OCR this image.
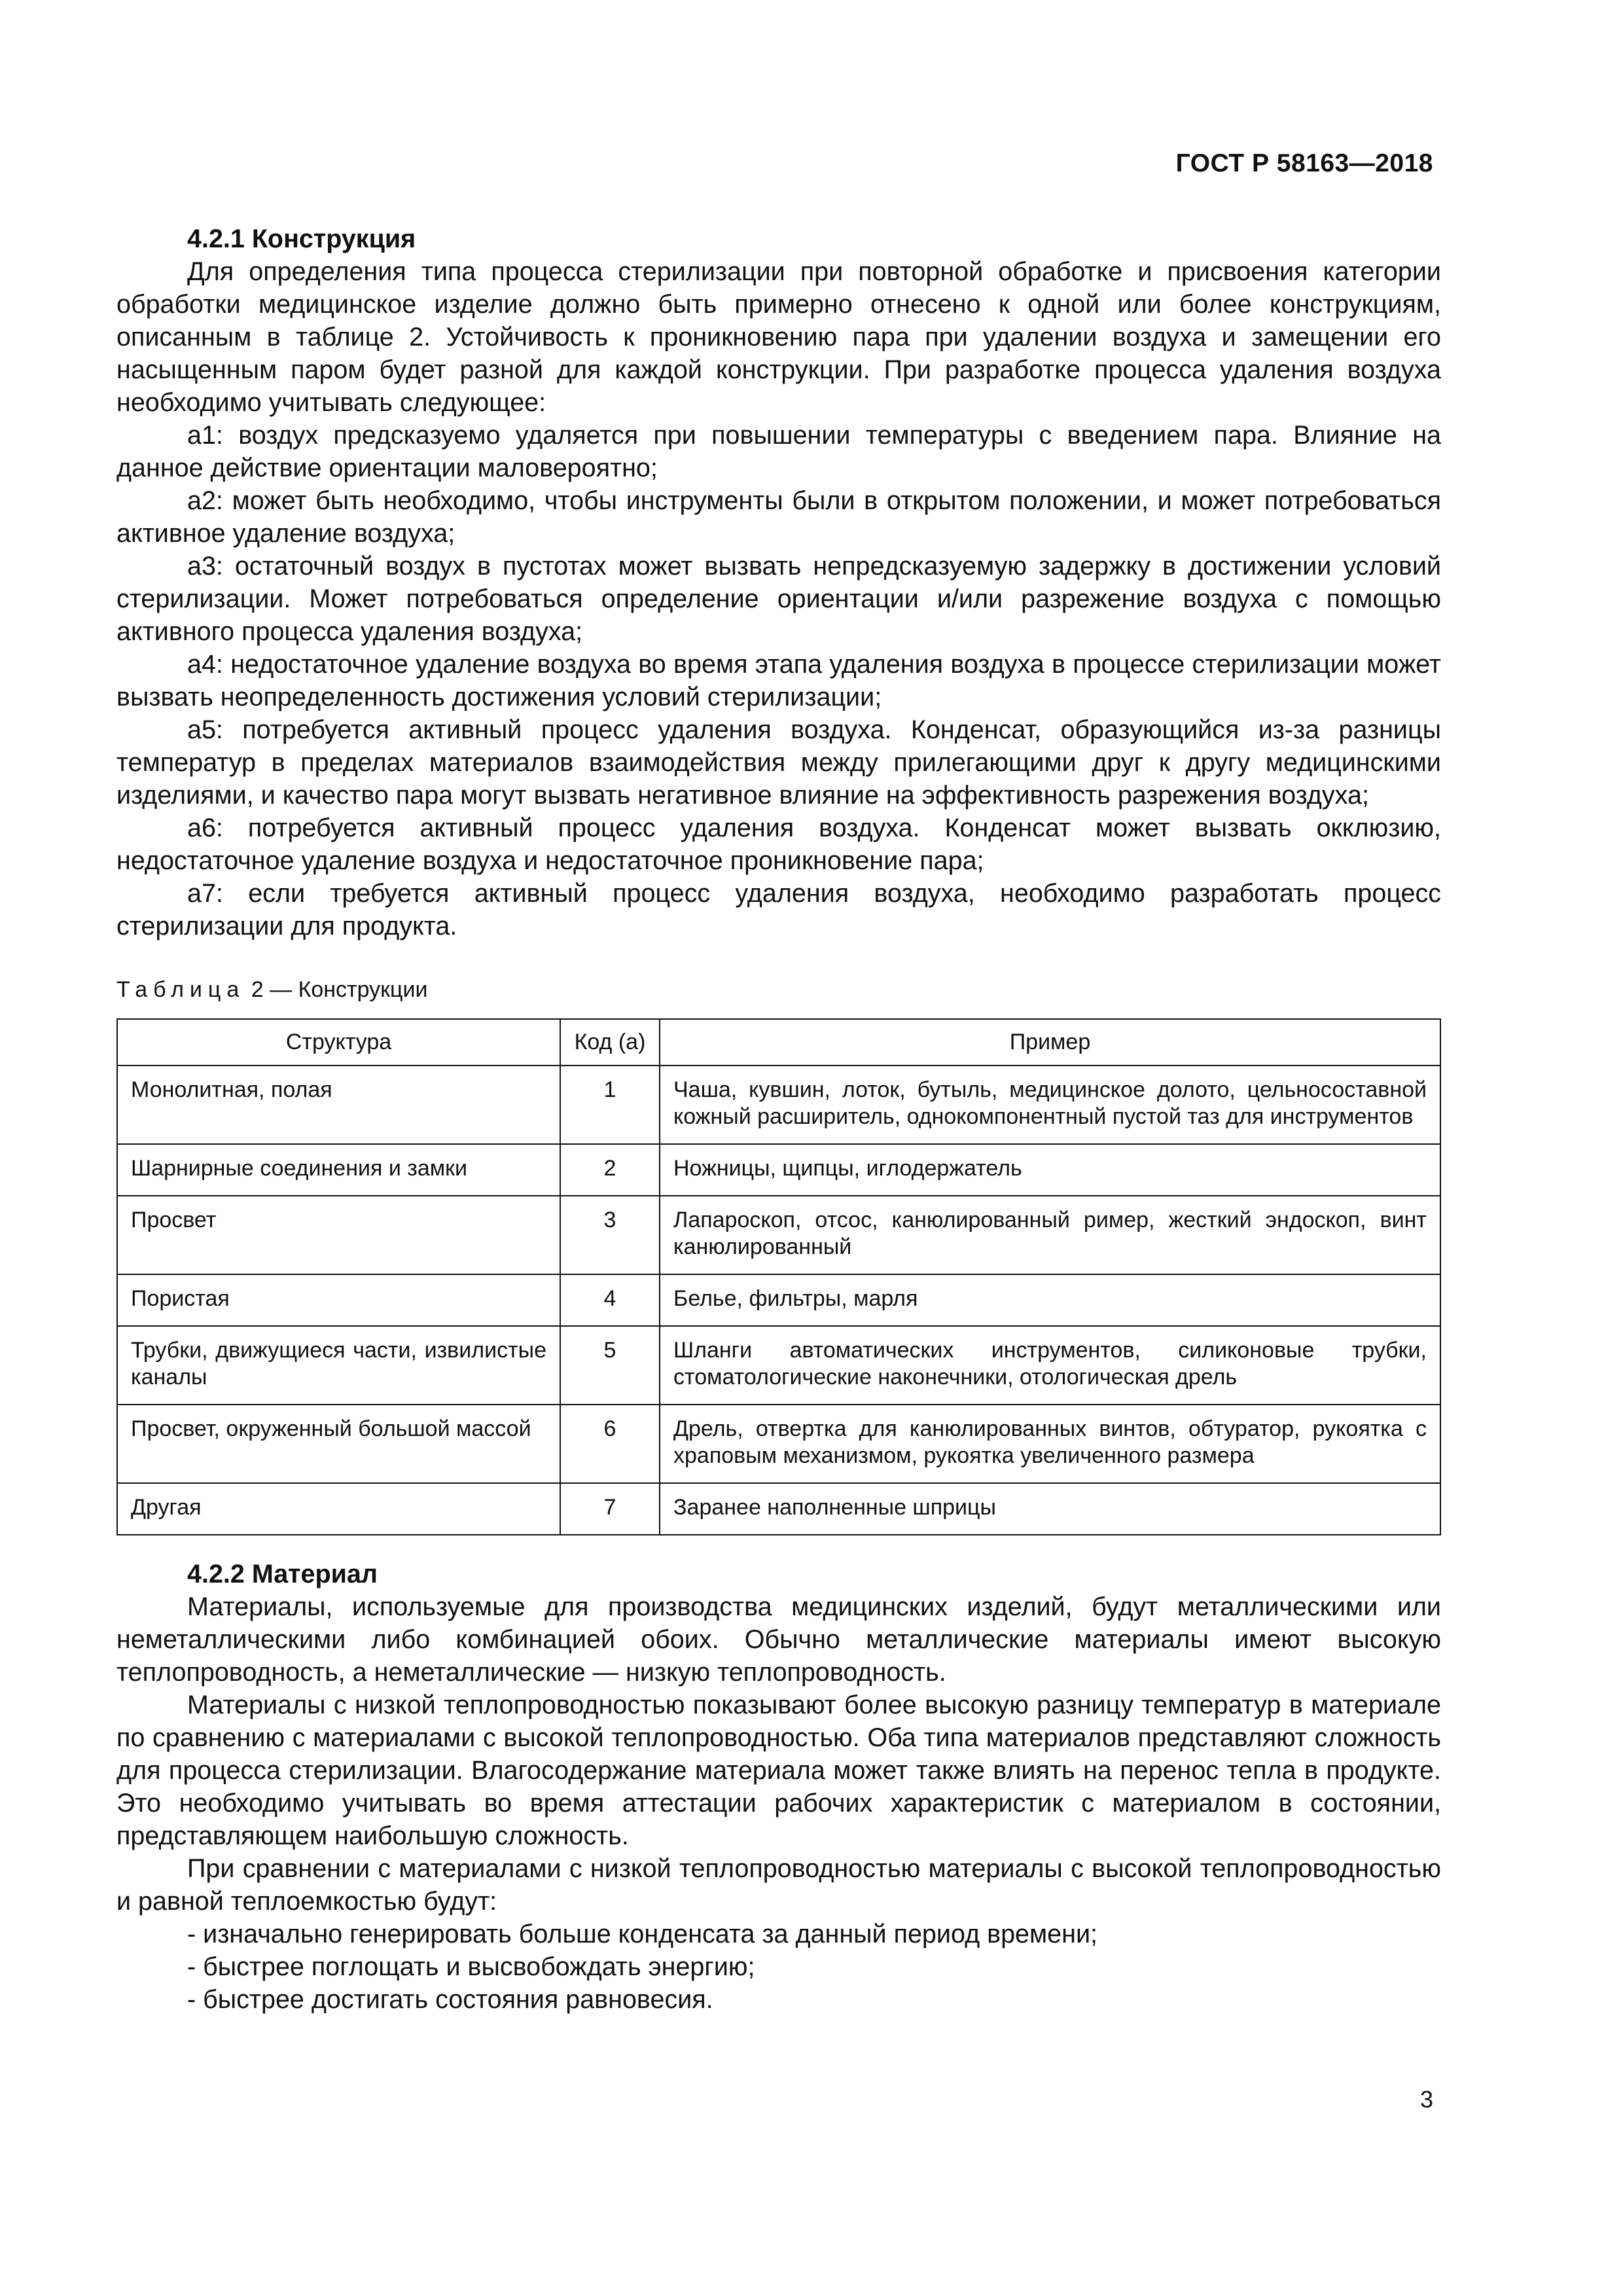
ГОСТ Р 58163—2018

4.2.1 Конструкция

Для определения типа процесса стерилизации при повторной обработке и присвоения категории обработки медицинское изделие должно быть примерно отнесено к одной или более конструкциям, описанным в таблице 2. Устойчивость к проникновению пара при удалении воздуха и замещении его насыщенным паром будет разной для каждой конструкции. При разработке процесса удаления воздуха необходимо учитывать следующее:

а1: воздух предсказуемо удаляется при повышении температуры с введением пара. Влияние на данное действие ориентации маловероятно;

а2: может быть необходимо, чтобы инструменты были в открытом положении, и может потребоваться активное удаление воздуха;

а3: остаточный воздух в пустотах может вызвать непредсказуемую задержку в достижении условий стерилизации. Может потребоваться определение ориентации и/или разрежение воздуха с помощью активного процесса удаления воздуха;

а4: недостаточное удаление воздуха во время этапа удаления воздуха в процессе стерилизации может вызвать неопределенность достижения условий стерилизации;

а5: потребуется активный процесс удаления воздуха. Конденсат, образующийся из-за разницы температур в пределах материалов взаимодействия между прилегающими друг к другу медицинскими изделиями, и качество пара могут вызвать негативное влияние на эффективность разрежения воздуха;

а6: потребуется активный процесс удаления воздуха. Конденсат может вызвать окклюзию, недостаточное удаление воздуха и недостаточное проникновение пара;

а7: если требуется активный процесс удаления воздуха, необходимо разработать процесс стерилизации для продукта.

Таблица 2 — Конструкции
Структура	Код (а)	Пример
Монолитная, полая	1	Чаша, кувшин, лоток, бутыль, медицинское долото, цельносоставной кожный расширитель, однокомпонентный пустой таз для инструментов
Шарнирные соединения и замки	2	Ножницы, щипцы, иглодержатель
Просвет	3	Лапароскоп, отсос, канюлированный ример, жесткий эндоскоп, винт канюлированный
Пористая	4	Белье, фильтры, марля
Трубки, движущиеся части, извилистые каналы	5	Шланги автоматических инструментов, силиконовые трубки, стоматологические наконечники, отологическая дрель
Просвет, окруженный большой массой	6	Дрель, отвертка для канюлированных винтов, обтуратор, рукоятка с храповым механизмом, рукоятка увеличенного размера
Другая	7	Заранее наполненные шприцы

4.2.2 Материал

Материалы, используемые для производства медицинских изделий, будут металлическими или неметаллическими либо комбинацией обоих. Обычно металлические материалы имеют высокую теплопроводность, а неметаллические — низкую теплопроводность.

Материалы с низкой теплопроводностью показывают более высокую разницу температур в материале по сравнению с материалами с высокой теплопроводностью. Оба типа материалов представляют сложность для процесса стерилизации. Влагосодержание материала может также влиять на перенос тепла в продукте. Это необходимо учитывать во время аттестации рабочих характеристик с материалом в состоянии, представляющем наибольшую сложность.

При сравнении с материалами с низкой теплопроводностью материалы с высокой теплопроводностью и равной теплоемкостью будут:

- изначально генерировать больше конденсата за данный период времени;

- быстрее поглощать и высвобождать энергию;

- быстрее достигать состояния равновесия.

3
